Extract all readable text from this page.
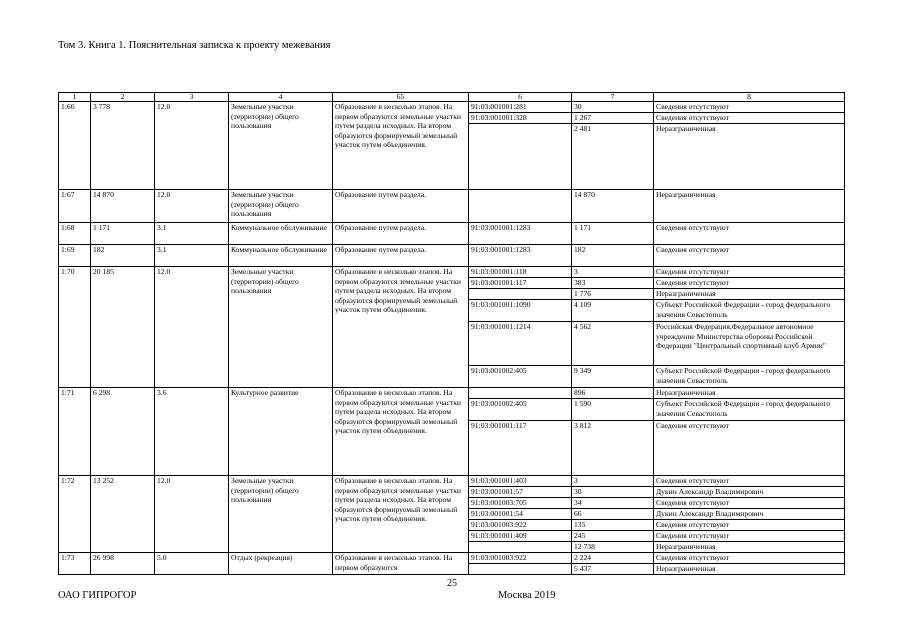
Том 3. Книга 1. Пояснительная записка к проекту межевания
1	2	3	4	65	6	7	8
1:66	3 778	12.0	Земельные участки (территории) общего пользования	Образование в несколько этапов. На первом образуются земельные участки путем раздела исходных. На втором образуются формируемый земельный участок путем объединения.	91:03:001001:281	30	Сведения отсутствуют
					91:03:001001:328	1 267	Сведения отсутствуют
						2 481	Неразграниченная
1:67	14 870	12.0	Земельные участки (территории) общего пользования	Образование путем раздела.		14 870	Неразграниченная
1:68	1 171	3.1	Коммунальное обслуживание	Образование путем раздела.	91:03:001001:1283	1 171	Сведения отсутствуют
1:69	182	3.1	Коммунальное обслуживание	Образование путем раздела.	91:03:001001:1283	182	Сведения отсутствуют
1:70	20 185	12.0	Земельные участки (территории) общего пользования	Образование в несколько этапов. На первом образуются земельные участки путем раздела исходных. На втором образуются формируемый земельный участок путем объединения.	91:03:001001:118	3	Сведения отсутствуют
					91:03:001001:117	383	Сведения отсутствуют
						1 776	Неразграниченная
					91:03:001001:1090	4 109	Субъект Российской Федерации - город федерального значения Севастополь
					91:03:001001:1214	4 562	Российская Федерация,Федеральное автономное учреждение Министерства обороны Российской Федерации "Центральный спортивный клуб Армии"
					91:03:001002:405	9 349	Субъект Российской Федерации - город федерального значения Севастополь
1:71	6 298	3.6	Культурное развитие	Образование в несколько этапов. На первом образуются земельные участки путем раздела исходных. На втором образуются формируемый земельный участок путем объединения.		896	Неразграниченная
					91:03:001002:405	1 590	Субъект Российской Федерации - город федерального значения Севастополь
					91:03:001001:117	3 812	Сведения отсутствуют
1:72	13 252	12.0	Земельные участки (территории) общего пользования	Образование в несколько этапов. На первом образуются земельные участки путем раздела исходных. На втором образуются формируемый земельный участок путем объединения.	91:03:001001:403	3	Сведения отсутствуют
					91:03:001001:57	30	Дукин Александр Владимирович
					91:03:001003:705	34	Сведения отсутствуют
					91:03:001001:54	66	Дукин Александр Владимирович
					91:03:001003:922	135	Сведения отсутствуют
					91:03:001001:409	245	Сведения отсутствуют
						12 738	Неразграниченная
1:73	26 998	5.0	Отдых (рекреация)	Образование в несколько этапов. На первом образуются	91:03:001003:922	2 224	Сведения отсутствуют
						5 437	Неразграниченная
25
ОАО ГИПРОГОР	Москва 2019
